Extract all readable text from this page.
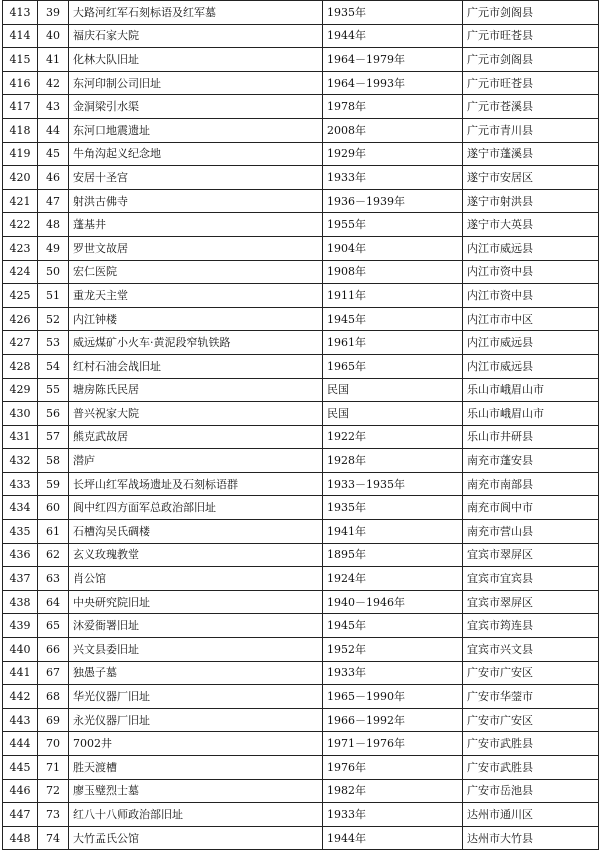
413	39	大路河红军石刻标语及红军墓	1935年	广元市剑阁县
414	40	福庆石家大院	1944年	广元市旺苍县
415	41	化林大队旧址	1964－1979年	广元市剑阁县
416	42	东河印制公司旧址	1964－1993年	广元市旺苍县
417	43	金洞梁引水渠	1978年	广元市苍溪县
418	44	东河口地震遗址	2008年	广元市青川县
419	45	牛角沟起义纪念地	1929年	遂宁市蓬溪县
420	46	安居十圣宫	1933年	遂宁市安居区
421	47	射洪古佛寺	1936－1939年	遂宁市射洪县
422	48	蓬基井	1955年	遂宁市大英县
423	49	罗世文故居	1904年	内江市威远县
424	50	宏仁医院	1908年	内江市资中县
425	51	重龙天主堂	1911年	内江市资中县
426	52	内江钟楼	1945年	内江市市中区
427	53	威远煤矿小火车·黄泥段窄轨铁路	1961年	内江市威远县
428	54	红村石油会战旧址	1965年	内江市威远县
429	55	塘房陈氏民居	民国	乐山市峨眉山市
430	56	普兴祝家大院	民国	乐山市峨眉山市
431	57	熊克武故居	1922年	乐山市井研县
432	58	潜庐	1928年	南充市蓬安县
433	59	长坪山红军战场遗址及石刻标语群	1933－1935年	南充市南部县
434	60	阆中红四方面军总政治部旧址	1935年	南充市阆中市
435	61	石槽沟吴氏碉楼	1941年	南充市营山县
436	62	玄义玫瑰教堂	1895年	宜宾市翠屏区
437	63	肖公馆	1924年	宜宾市宜宾县
438	64	中央研究院旧址	1940－1946年	宜宾市翠屏区
439	65	沐爱衙署旧址	1945年	宜宾市筠连县
440	66	兴文县委旧址	1952年	宜宾市兴文县
441	67	独愚子墓	1933年	广安市广安区
442	68	华光仪器厂旧址	1965－1990年	广安市华蓥市
443	69	永光仪器厂旧址	1966－1992年	广安市广安区
444	70	7002井	1971－1976年	广安市武胜县
445	71	胜天渡槽	1976年	广安市武胜县
446	72	廖玉璧烈士墓	1982年	广安市岳池县
447	73	红八十八师政治部旧址	1933年	达州市通川区
448	74	大竹孟氏公馆	1944年	达州市大竹县
